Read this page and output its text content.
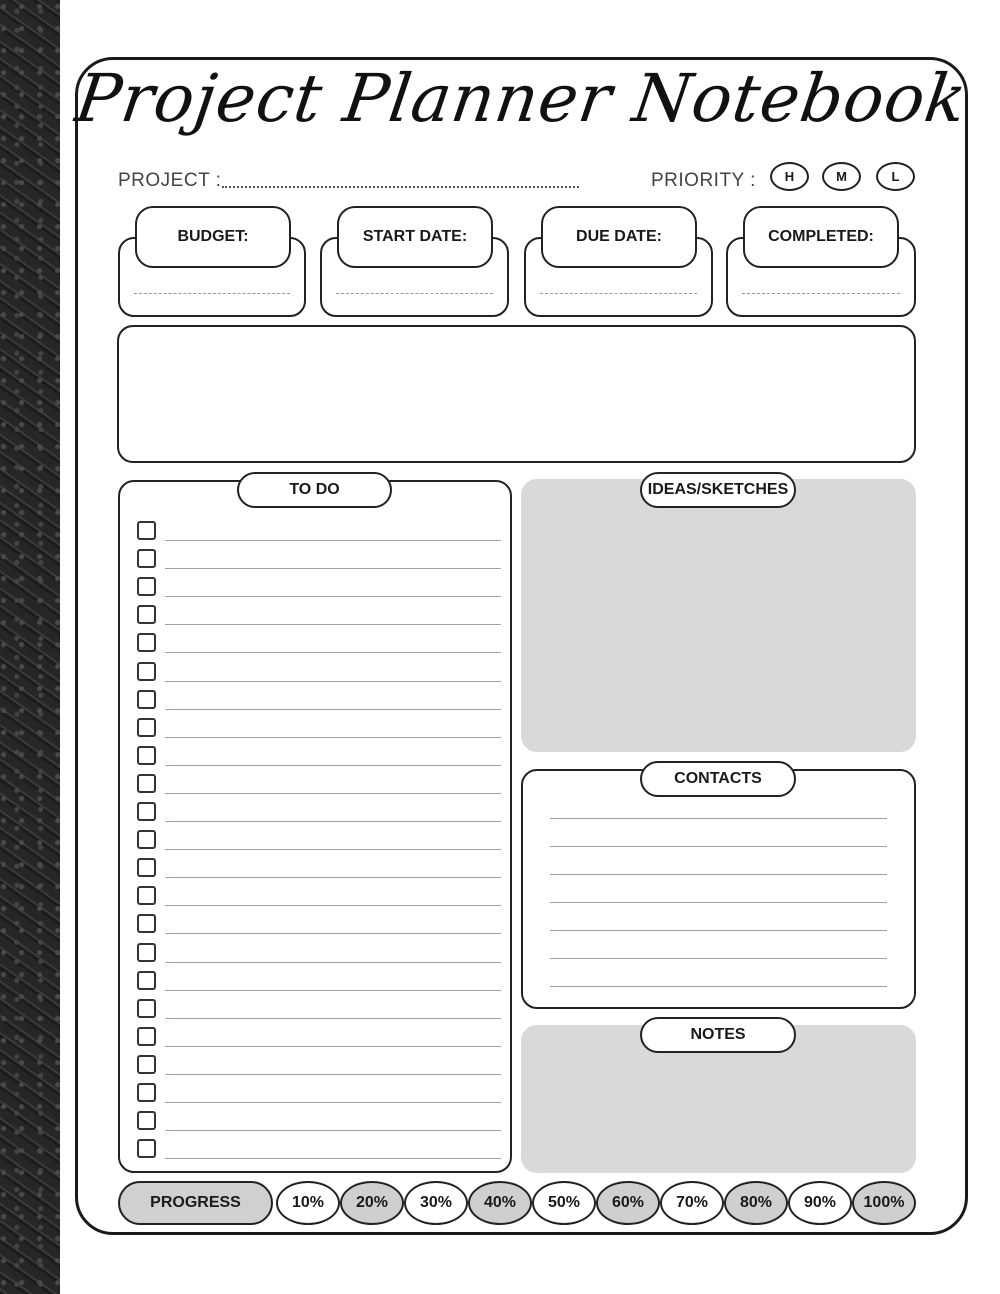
Project Planner Notebook
PROJECT :	PRIORITY :	H	M	L
BUDGET:	START DATE:	DUE DATE:	COMPLETED:
TO DO	IDEAS/SKETCHES
CONTACTS
NOTES
PROGRESS	10%	20%	30%	40%	50%	60%	70%	80%	90%	100%
